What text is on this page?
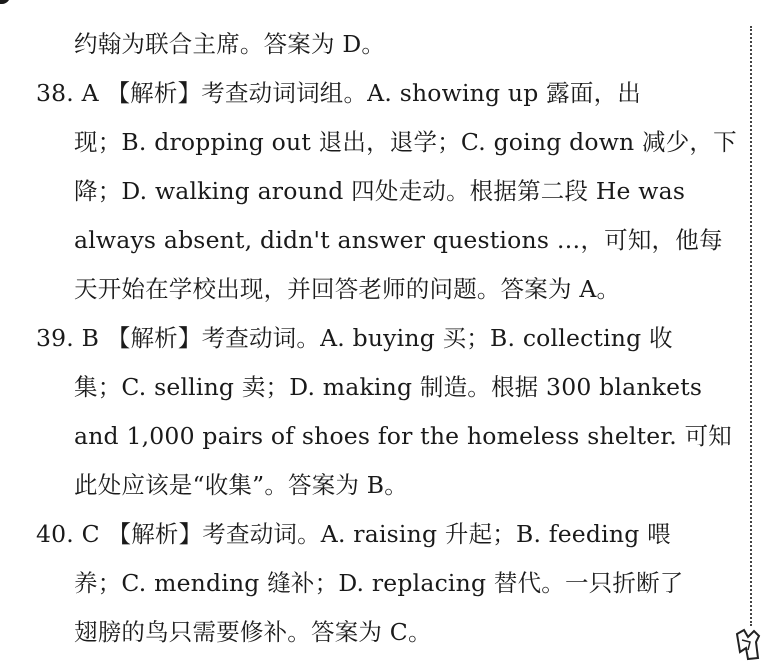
约翰为联合主席。答案为 D。
38. A 【解析】考查动词词组。A. showing up 露面，出
现；B. dropping out 退出，退学；C. going down 减少，下
降；D. walking around 四处走动。根据第二段 He was
always absent, didn't answer questions …，可知，他每
天开始在学校出现，并回答老师的问题。答案为 A。
39. B 【解析】考查动词。A. buying 买；B. collecting 收
集；C. selling 卖；D. making 制造。根据 300 blankets
and 1,000 pairs of shoes for the homeless shelter. 可知
此处应该是“收集”。答案为 B。
40. C 【解析】考查动词。A. raising 升起；B. feeding 喂
养；C. mending 缝补；D. replacing 替代。一只折断了
翅膀的鸟只需要修补。答案为 C。
